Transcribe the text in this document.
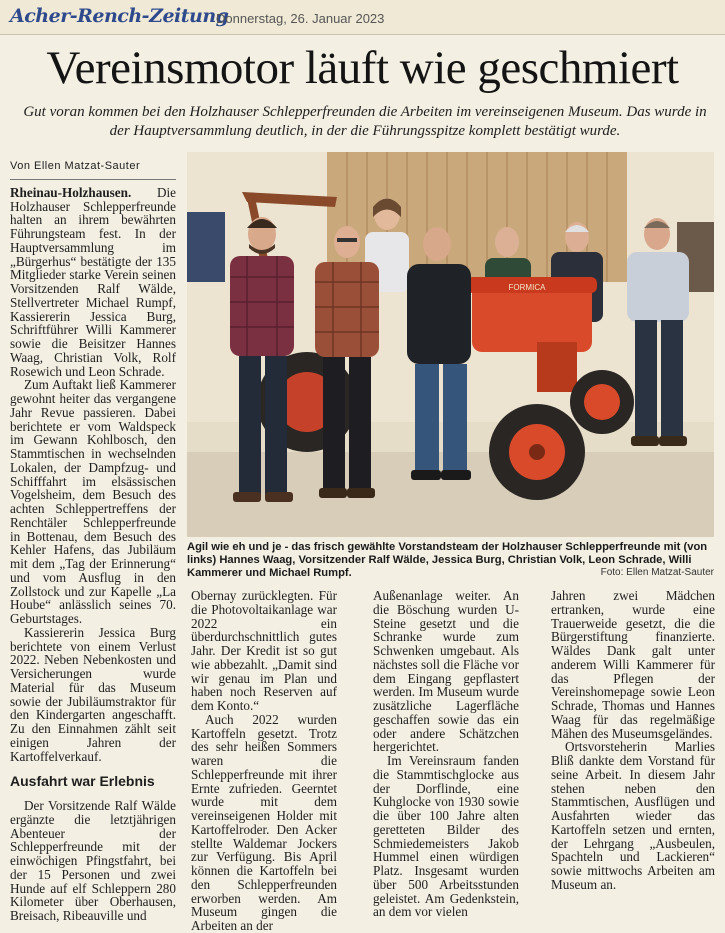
Acher-Rench-Zeitung
Donnerstag, 26. Januar 2023
Vereinsmotor läuft wie geschmiert
Gut voran kommen bei den Holzhauser Schlepperfreunden die Arbeiten im vereinseigenen Museum. Das wurde in der Hauptversammlung deutlich, in der die Führungsspitze komplett bestätigt wurde.
Von Ellen Matzat-Sauter

Rheinau-Holzhausen. Die Holzhauser Schlepperfreunde halten an ihrem bewährten Führungsteam fest. In der Hauptversammlung im „Bürgerhus“ bestätigte der 135 Mitglieder starke Verein seinen Vorsitzenden Ralf Wälde, Stellvertreter Michael Rumpf, Kassiererin Jessica Burg, Schriftführer Willi Kammerer sowie die Beisitzer Hannes Waag, Christian Volk, Rolf Rosewich und Leon Schrade.

Zum Auftakt ließ Kammerer gewohnt heiter das vergangene Jahr Revue passieren. Dabei berichtete er vom Waldspeck im Gewann Kohlbosch, den Stammtischen in wechselnden Lokalen, der Dampfzug- und Schifffahrt im elsässischen Vogelsheim, dem Besuch des achten Schleppertreffens der Renchtäler Schlepperfreunde in Bottenau, dem Besuch des Kehler Hafens, das Jubiläum mit dem „Tag der Erinnerung“ und vom Ausflug in den Zollstock und zur Kapelle „La Hoube“ anlässlich seines 70. Geburtstages.

Kassiererin Jessica Burg berichtete von einem Verlust 2022. Neben Nebenkosten und Versicherungen wurde Material für das Museum sowie der Jubiläumstraktor für den Kindergarten angeschafft. Zu den Einnahmen zählt seit einigen Jahren der Kartoffelverkauf.

Ausfahrt war Erlebnis

Der Vorsitzende Ralf Wälde ergänzte die letztjährigen Abenteuer der Schlepperfreunde mit der einwöchigen Pfingstfahrt, bei der 15 Personen und zwei Hunde auf elf Schleppern 280 Kilometer über Oberhausen, Breisach, Ribeauville und

FORMICA
Agil wie eh und je - das frisch gewählte Vorstandsteam der Holzhauser Schlepperfreunde mit (von links) Hannes Waag, Vorsitzender Ralf Wälde, Jessica Burg, Christian Volk, Leon Schrade, Willi Kammerer und Michael Rumpf.	Foto: Ellen Matzat-Sauter

Obernay zurücklegten. Für die Photovoltaikanlage war 2022 ein überdurchschnittlich gutes Jahr. Der Kredit ist so gut wie abbezahlt. „Damit sind wir genau im Plan und haben noch Reserven auf dem Konto.“

Auch 2022 wurden Kartoffeln gesetzt. Trotz des sehr heißen Sommers waren die Schlepperfreunde mit ihrer Ernte zufrieden. Geerntet wurde mit dem vereinseigenen Holder mit Kartoffelroder. Den Acker stellte Waldemar Jockers zur Verfügung. Bis April können die Kartoffeln bei den Schlepperfreunden erworben werden. Am Museum gingen die Arbeiten an der

Außenanlage weiter. An die Böschung wurden U-Steine gesetzt und die Schranke wurde zum Schwenken umgebaut. Als nächstes soll die Fläche vor dem Eingang gepflastert werden. Im Museum wurde zusätzliche Lagerfläche geschaffen sowie das ein oder andere Schätzchen hergerichtet.

Im Vereinsraum fanden die Stammtischglocke aus der Dorflinde, eine Kuhglocke von 1930 sowie die über 100 Jahre alten geretteten Bilder des Schmiedemeisters Jakob Hummel einen würdigen Platz. Insgesamt wurden über 500 Arbeitsstunden geleistet. Am Gedenkstein, an dem vor vielen

Jahren zwei Mädchen ertranken, wurde eine Trauerweide gesetzt, die die Bürgerstiftung finanzierte. Wäldes Dank galt unter anderem Willi Kammerer für das Pflegen der Vereinshomepage sowie Leon Schrade, Thomas und Hannes Waag für das regelmäßige Mähen des Museumsgeländes.

Ortsvorsteherin Marlies Bliß dankte dem Vorstand für seine Arbeit. In diesem Jahr stehen neben den Stammtischen, Ausflügen und Ausfahrten wieder das Kartoffeln setzen und ernten, der Lehrgang „Ausbeulen, Spachteln und Lackieren“ sowie mittwochs Arbeiten am Museum an.
